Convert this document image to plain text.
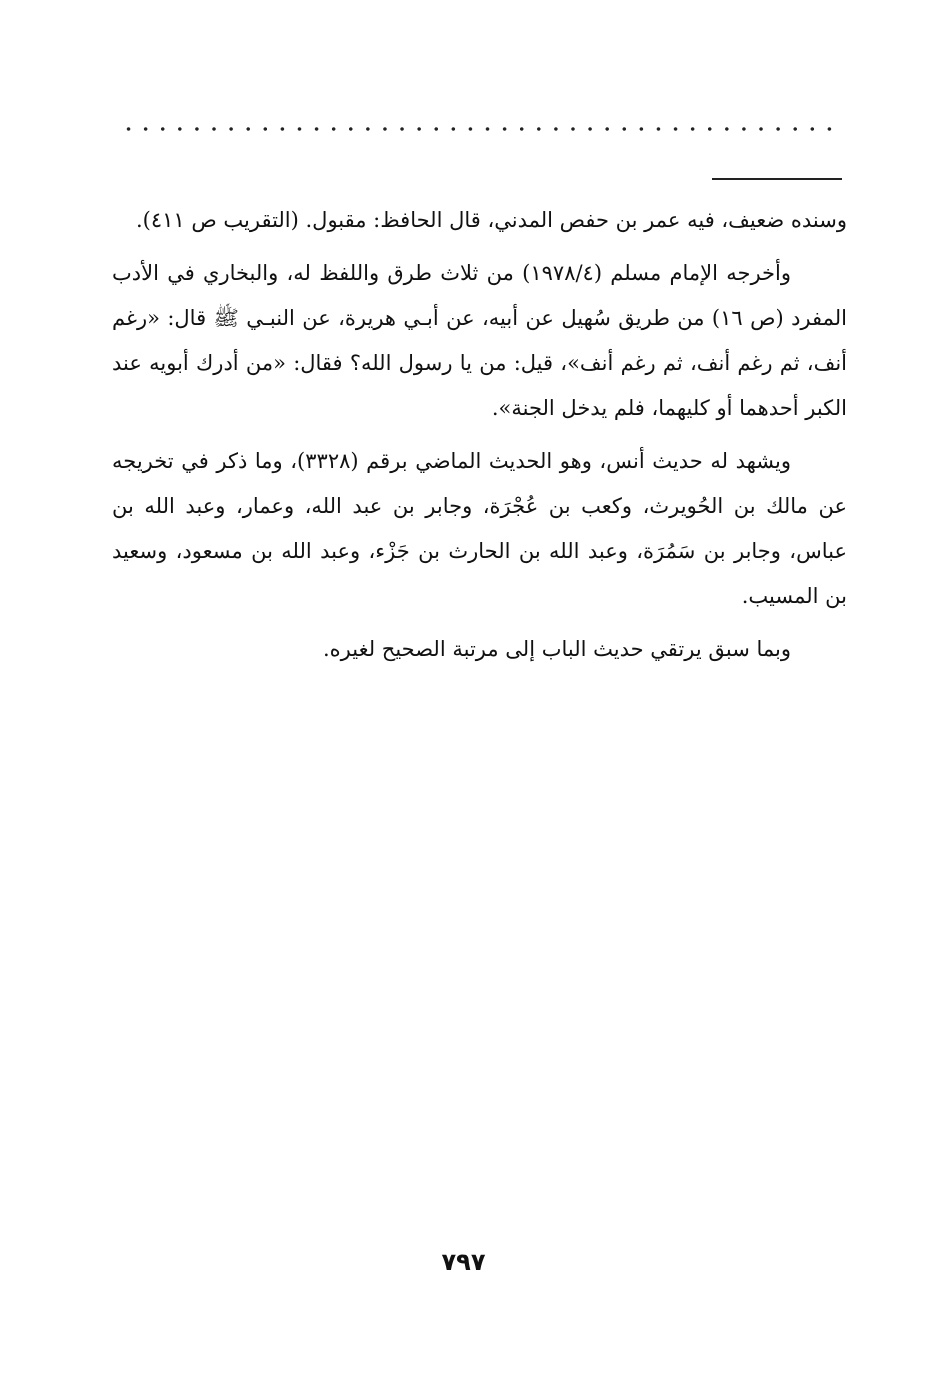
وسنده ضعيف، فيه عمر بن حفص المدني، قال الحافظ: مقبول. (التقريب ص ٤١١).

وأخرجه الإمام مسلم (١٩٧٨/٤) من ثلاث طرق واللفظ له، والبخاري في الأدب المفرد (ص ١٦) من طريق سُهيل عن أبيه، عن أبـي هريرة، عن النبـي ﷺ قال: «رغم أنف، ثم رغم أنف، ثم رغم أنف»، قيل: من يا رسول الله؟ فقال: «من أدرك أبويه عند الكبر أحدهما أو كليهما، فلم يدخل الجنة».

ويشهد له حديث أنس، وهو الحديث الماضي برقم (٣٣٢٨)، وما ذكر في تخريجه عن مالك بن الحُويرث، وكعب بن عُجْرَة، وجابر بن عبد الله، وعمار، وعبد الله بن عباس، وجابر بن سَمُرَة، وعبد الله بن الحارث بن جَزْء، وعبد الله بن مسعود، وسعيد بن المسيب.

وبما سبق يرتقي حديث الباب إلى مرتبة الصحيح لغيره.

٧٩٧
